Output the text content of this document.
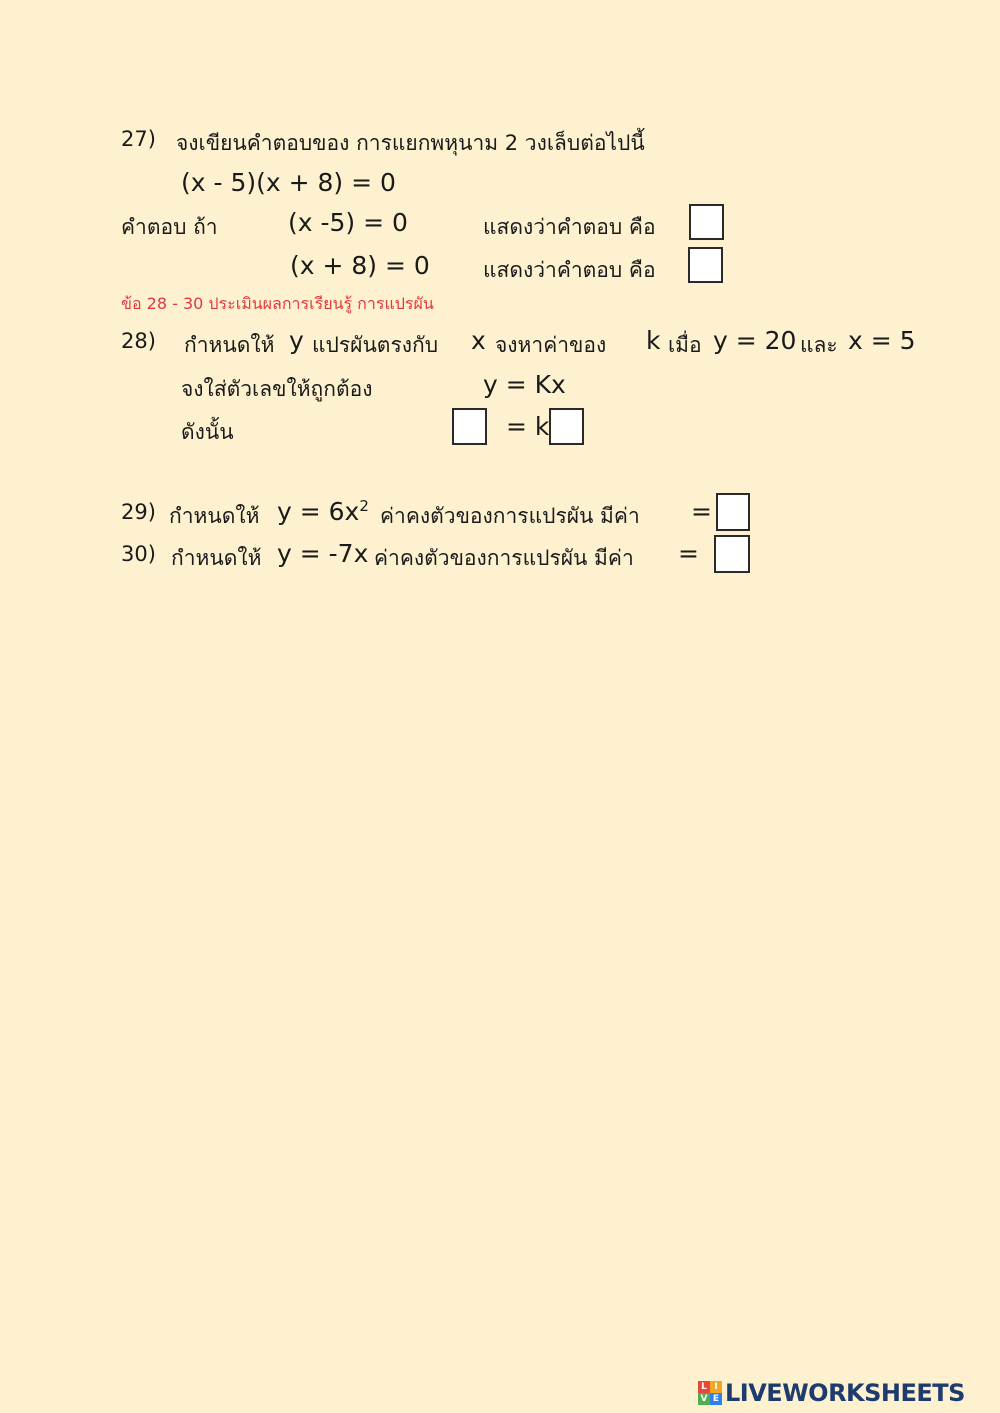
27) จงเขียนคำตอบของ การแยกพหุนาม 2 วงเล็บต่อไปนี้
(x - 5)(x + 8) = 0
คำตอบ ถ้า	(x -5) = 0	แสดงว่าคำตอบ คือ
(x + 8) = 0	แสดงว่าคำตอบ คือ
ข้อ 28 - 30 ประเมินผลการเรียนรู้ การแปรผัน
28) กำหนดให้ y แปรผันตรงกับ x จงหาค่าของ k เมื่อ y = 20 และ x = 5
จงใส่ตัวเลขให้ถูกต้อง	y = Kx
ดังนั้น	= k
29) กำหนดให้ $y = 6x^2$ ค่าคงตัวของการแปรผัน มีค่า =
30) กำหนดให้ y = -7x ค่าคงตัวของการแปรผัน มีค่า =
L I
V E LIVEWORKSHEETS
